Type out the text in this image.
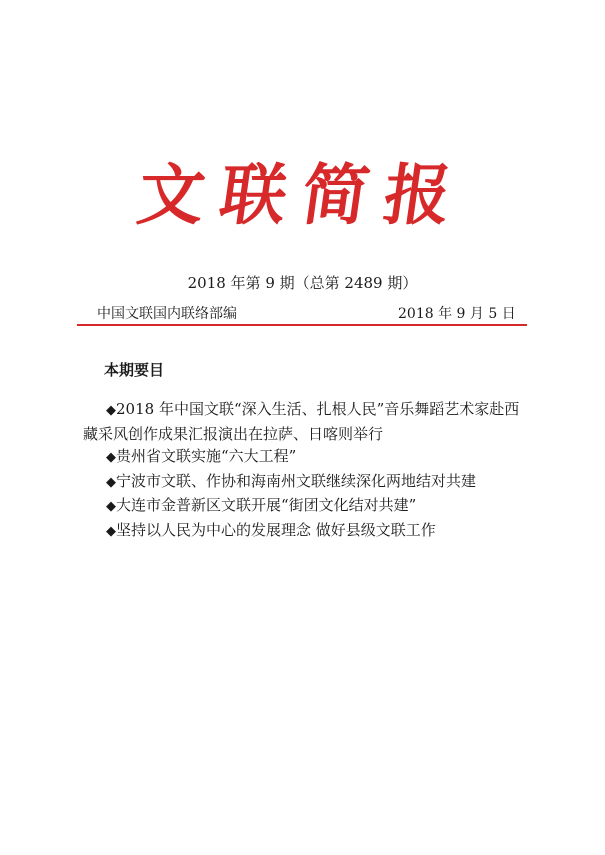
文联简报
2018 年第 9 期（总第 2489 期）
中国文联国内联络部编	2018 年 9 月 5 日
本期要目
◆2018 年中国文联“深入生活、扎根人民”音乐舞蹈艺术家赴西藏采风创作成果汇报演出在拉萨、日喀则举行
◆贵州省文联实施“六大工程”
◆宁波市文联、作协和海南州文联继续深化两地结对共建
◆大连市金普新区文联开展“街团文化结对共建”
◆坚持以人民为中心的发展理念 做好县级文联工作
